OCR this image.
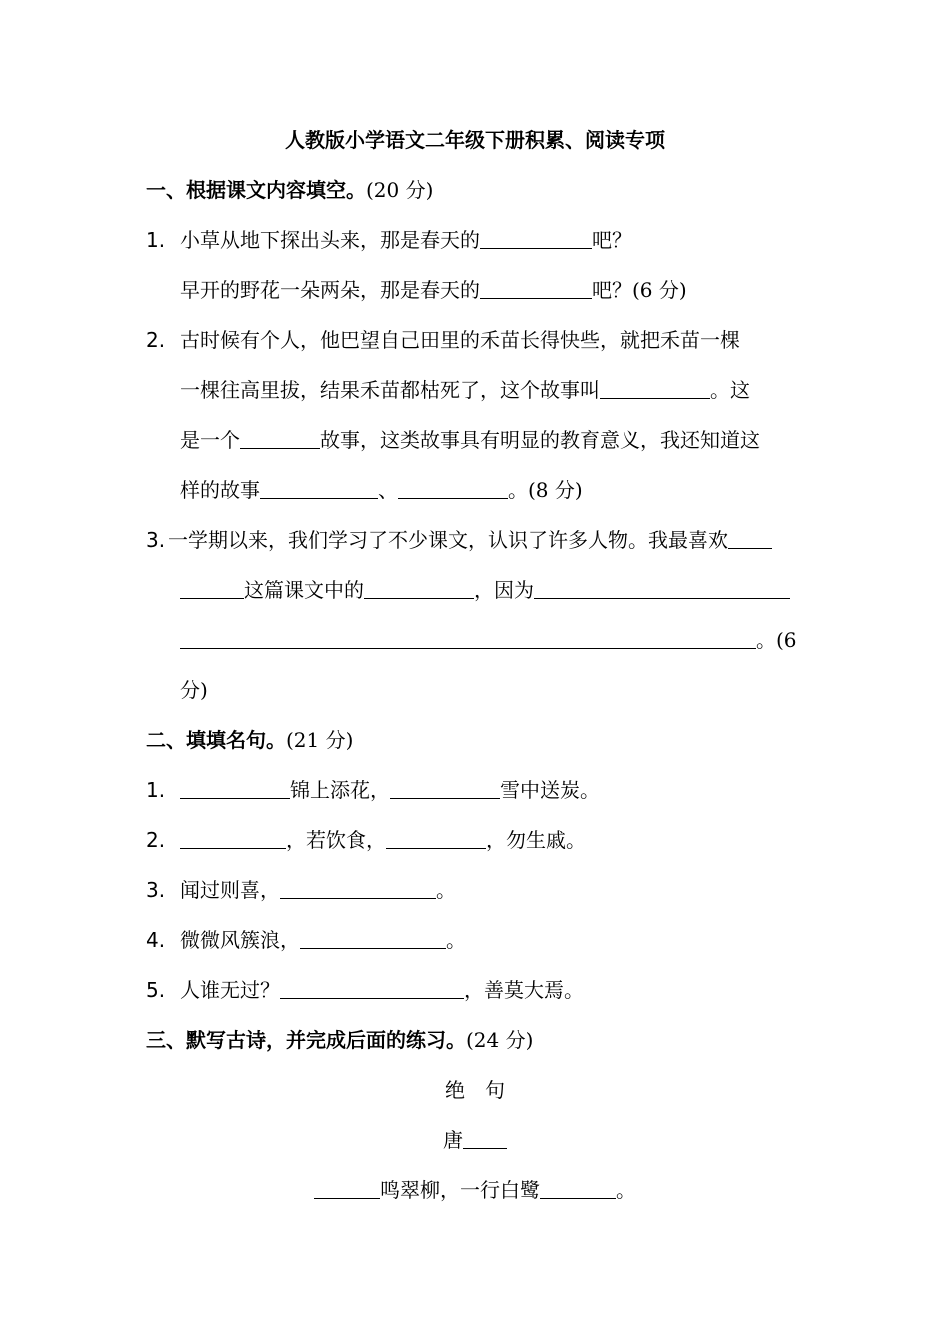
人教版小学语文二年级下册积累、阅读专项
一、根据课文内容填空。(20 分)
1. 小草从地下探出头来，那是春天的	吧？
早开的野花一朵两朵，那是春天的	吧？(6 分)
2. 古时候有个人，他巴望自己田里的禾苗长得快些，就把禾苗一棵
一棵往高里拔，结果禾苗都枯死了，这个故事叫	。这
是一个	故事，这类故事具有明显的教育意义，我还知道这
样的故事	、	。(8 分)
3. 一学期以来，我们学习了不少课文，认识了许多人物。我最喜欢
这篇课文中的	，因为
。(6
分)
二、填填名句。(21 分)
1.	锦上添花，	雪中送炭。
2.	，若饮食，	，勿生戚。
3. 闻过则喜，	。
4. 微微风簇浪，	。
5. 人谁无过？	，善莫大焉。
三、默写古诗，并完成后面的练习。(24 分)
绝　句
唐
鸣翠柳，一行白鹭	。
